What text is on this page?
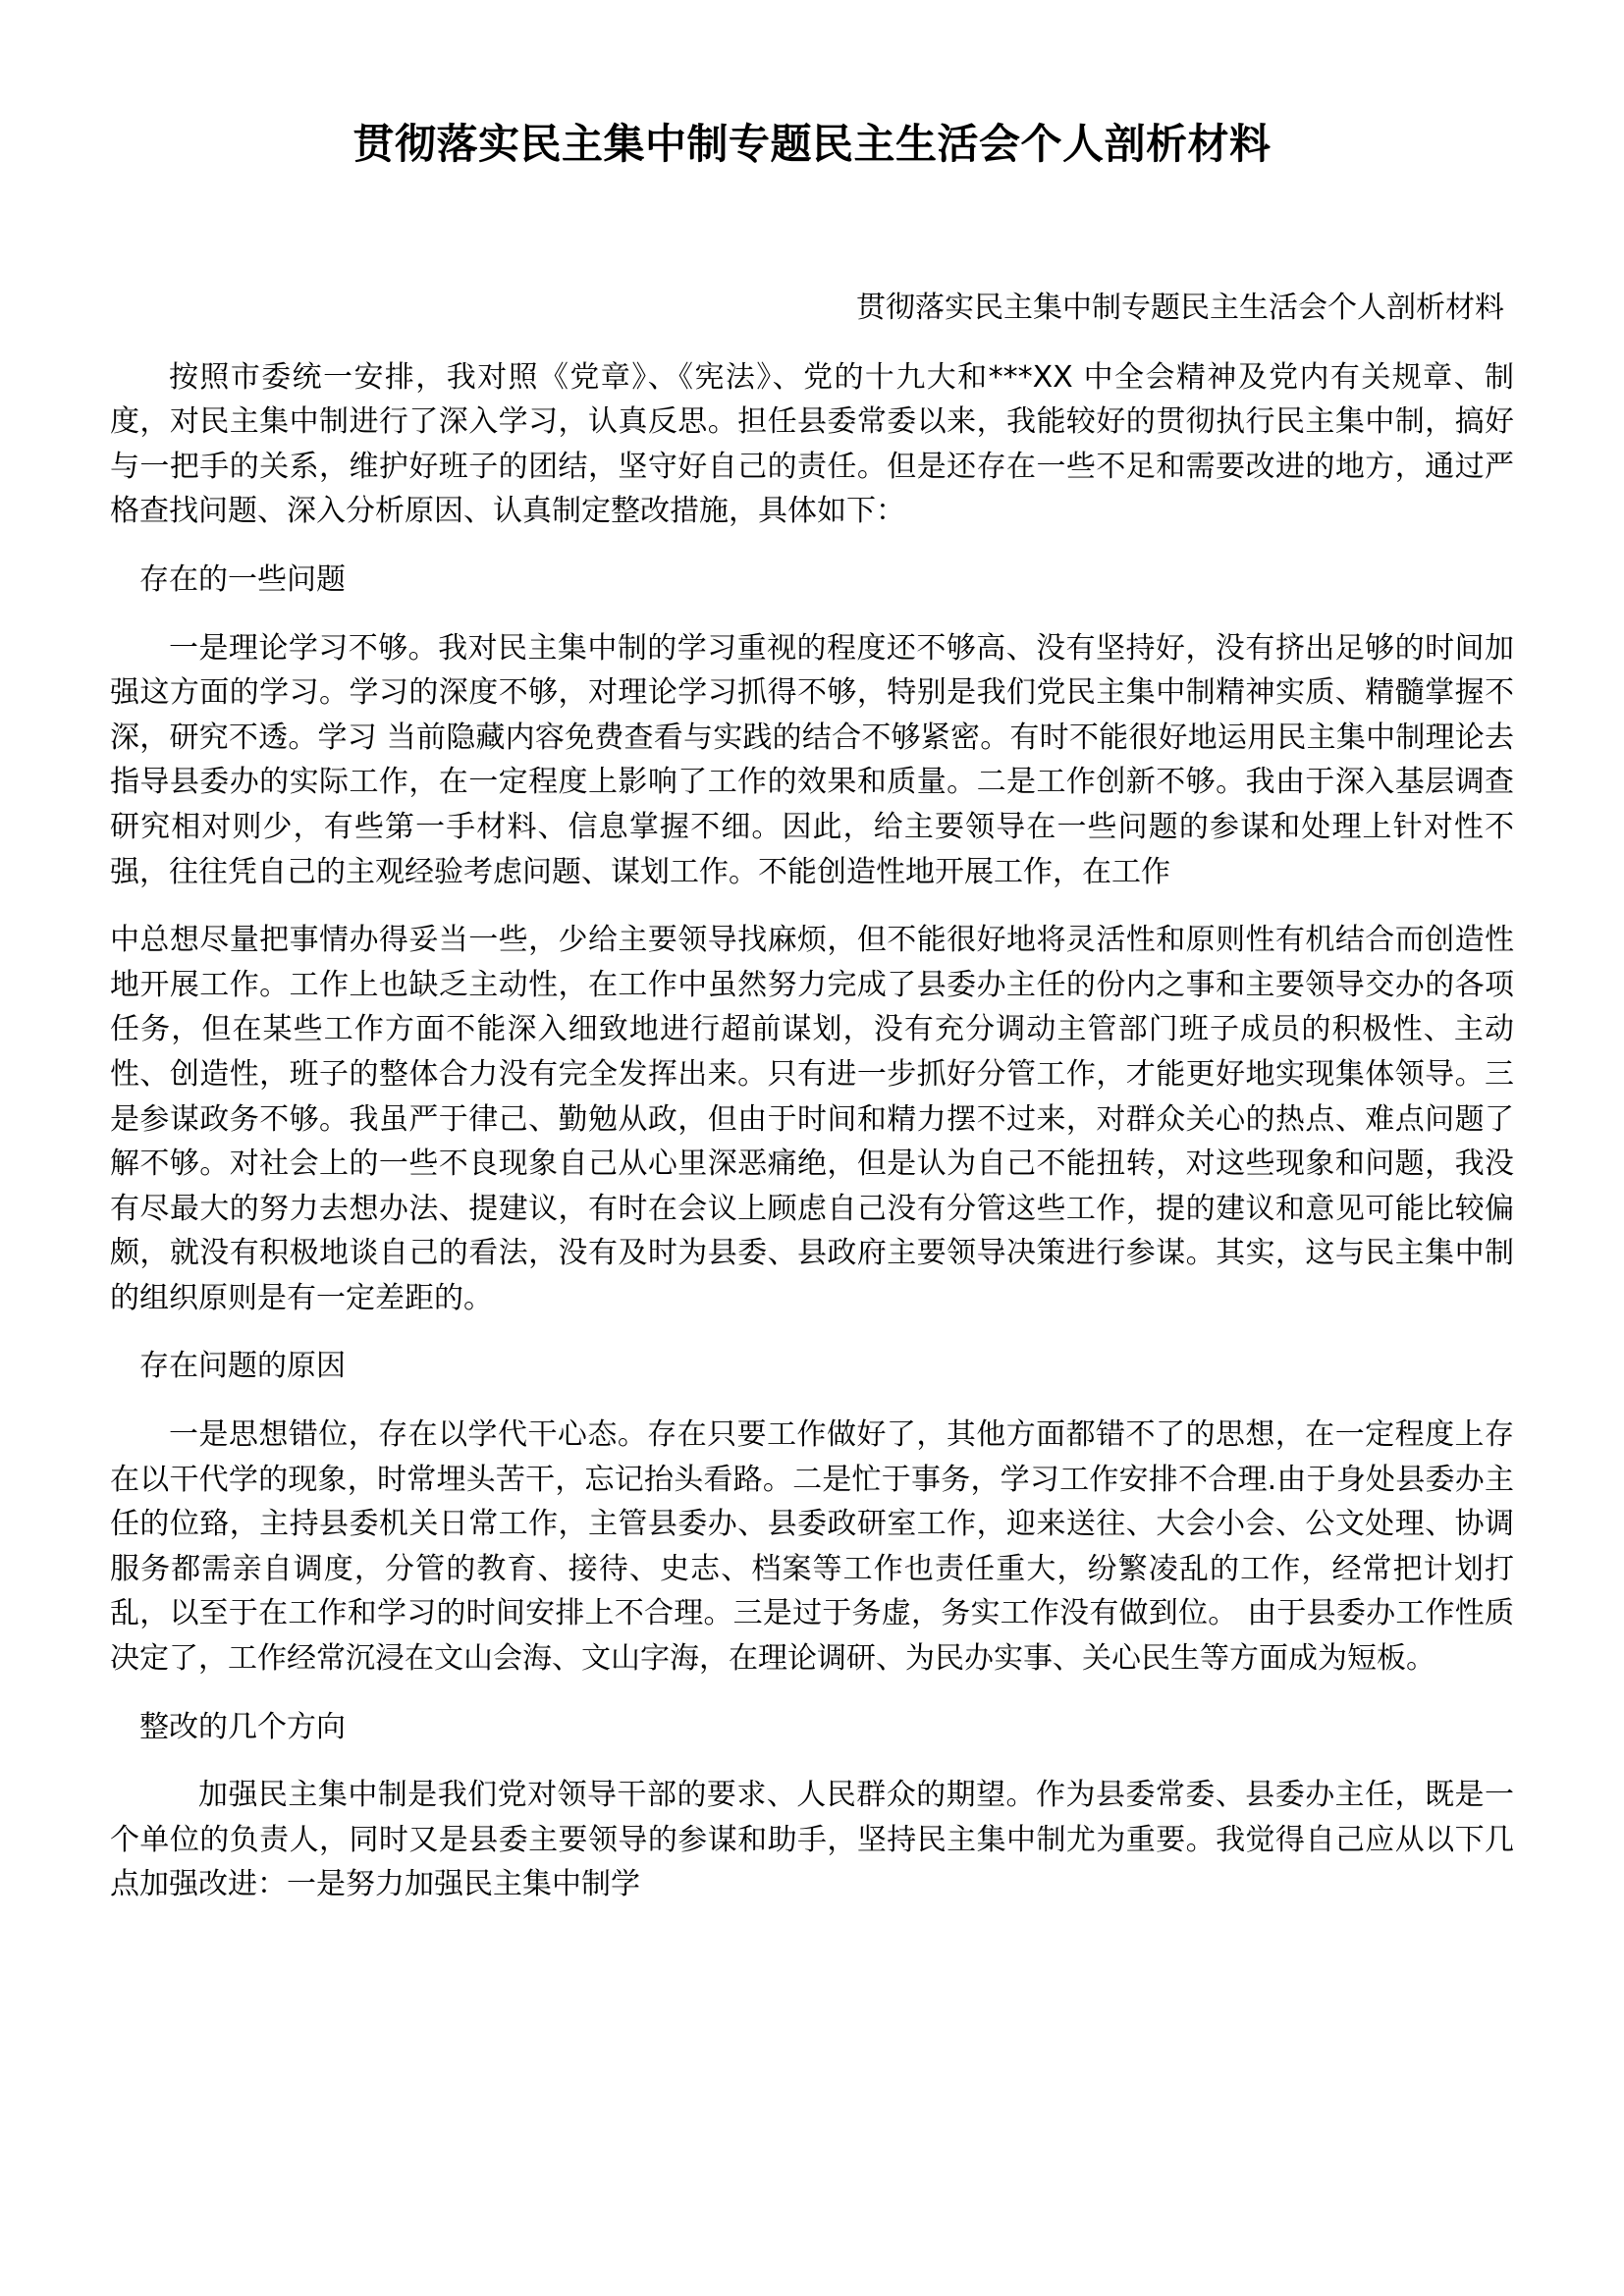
贯彻落实民主集中制专题民主生活会个人剖析材料
贯彻落实民主集中制专题民主生活会个人剖析材料

按照市委统一安排，我对照《党章》、《宪法》、党的十九大和***XX 中全会精神及党内有关规章、制度，对民主集中制进行了深入学习，认真反思。担任县委常委以来，我能较好的贯彻执行民主集中制，搞好与一把手的关系，维护好班子的团结，坚守好自己的责任。但是还存在一些不足和需要改进的地方，通过严格查找问题、深入分析原因、认真制定整改措施，具体如下：

存在的一些问题

一是理论学习不够。我对民主集中制的学习重视的程度还不够高、没有坚持好，没有挤出足够的时间加强这方面的学习。学习的深度不够，对理论学习抓得不够，特别是我们党民主集中制精神实质、精髓掌握不深，研究不透。学习 当前隐藏内容免费查看与实践的结合不够紧密。有时不能很好地运用民主集中制理论去指导县委办的实际工作，在一定程度上影响了工作的效果和质量。二是工作创新不够。我由于深入基层调查研究相对则少，有些第一手材料、信息掌握不细。因此，给主要领导在一些问题的参谋和处理上针对性不强，往往凭自己的主观经验考虑问题、谋划工作。不能创造性地开展工作，在工作

中总想尽量把事情办得妥当一些，少给主要领导找麻烦，但不能很好地将灵活性和原则性有机结合而创造性地开展工作。工作上也缺乏主动性，在工作中虽然努力完成了县委办主任的份内之事和主要领导交办的各项任务，但在某些工作方面不能深入细致地进行超前谋划，没有充分调动主管部门班子成员的积极性、主动性、创造性，班子的整体合力没有完全发挥出来。只有进一步抓好分管工作，才能更好地实现集体领导。三是参谋政务不够。我虽严于律己、勤勉从政，但由于时间和精力摆不过来，对群众关心的热点、难点问题了解不够。对社会上的一些不良现象自己从心里深恶痛绝，但是认为自己不能扭转，对这些现象和问题，我没有尽最大的努力去想办法、提建议，有时在会议上顾虑自己没有分管这些工作，提的建议和意见可能比较偏颇，就没有积极地谈自己的看法，没有及时为县委、县政府主要领导决策进行参谋。其实，这与民主集中制的组织原则是有一定差距的。

存在问题的原因

一是思想错位，存在以学代干心态。存在只要工作做好了，其他方面都错不了的思想，在一定程度上存在以干代学的现象，时常埋头苦干，忘记抬头看路。二是忙于事务，学习工作安排不合理.由于身处县委办主任的位臵，主持县委机关日常工作，主管县委办、县委政研室工作，迎来送往、大会小会、公文处理、协调服务都需亲自调度，分管的教育、接待、史志、档案等工作也责任重大，纷繁凌乱的工作，经常把计划打乱，以至于在工作和学习的时间安排上不合理。三是过于务虚，务实工作没有做到位。 由于县委办工作性质决定了，工作经常沉浸在文山会海、文山字海，在理论调研、为民办实事、关心民生等方面成为短板。

整改的几个方向

加强民主集中制是我们党对领导干部的要求、人民群众的期望。作为县委常委、县委办主任，既是一个单位的负责人，同时又是县委主要领导的参谋和助手，坚持民主集中制尤为重要。我觉得自己应从以下几点加强改进：一是努力加强民主集中制学
